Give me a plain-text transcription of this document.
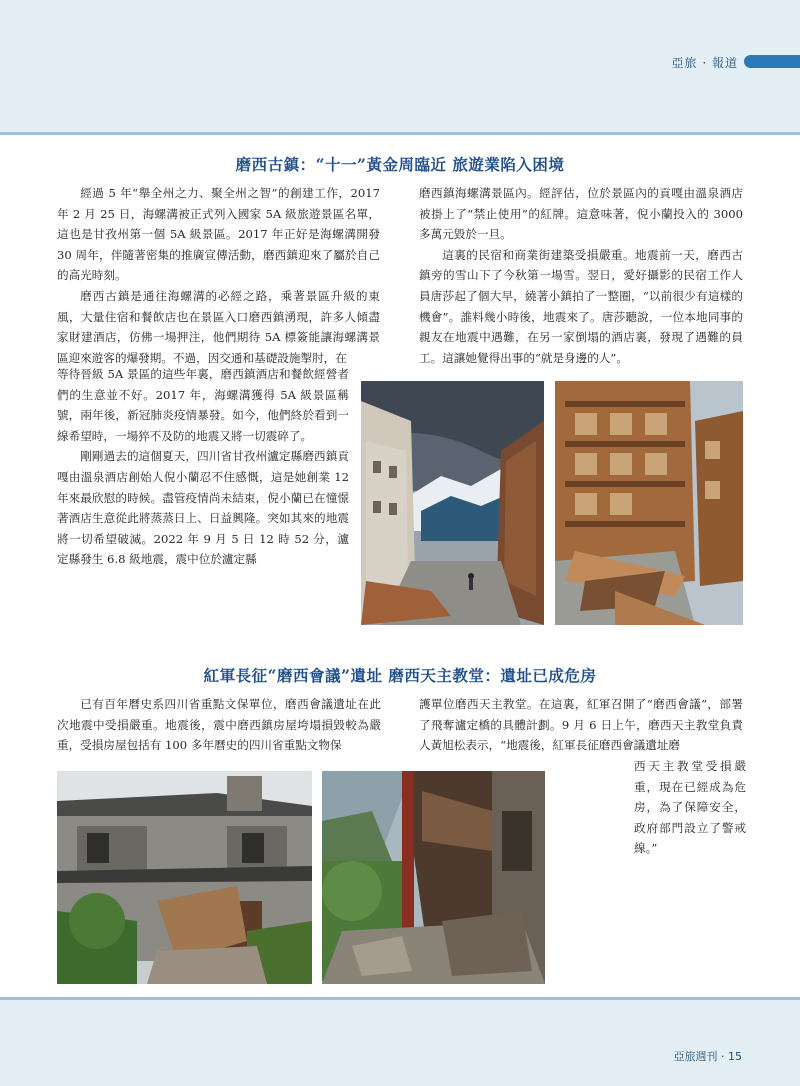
亞旅 · 報道
磨西古鎮：“十一”黃金周臨近 旅遊業陷入困境

經過 5 年“舉全州之力、聚全州之智”的創建工作，2017 年 2 月 25 日，海螺溝被正式列入國家 5A 級旅遊景區名單，這也是甘孜州第一個 5A 級景區。2017 年正好是海螺溝開發 30 周年，伴隨著密集的推廣宣傳活動，磨西鎮迎來了屬於自己的高光時刻。

磨西古鎮是通往海螺溝的必經之路，乘著景區升級的東風，大量住宿和餐飲店也在景區入口磨西鎮湧現，許多人傾盡家財建酒店，仿佛一場押注，他們期待 5A 標簽能讓海螺溝景區迎來遊客的爆發期。不過，因交通和基礎設施掣肘，在

等待晉級 5A 景區的這些年裏，磨西鎮酒店和餐飲經營者們的生意並不好。2017 年，海螺溝獲得 5A 級景區稱號，兩年後，新冠肺炎疫情暴發。如今，他們終於看到一線希望時，一場猝不及防的地震又將一切震碎了。

剛剛過去的這個夏天，四川省甘孜州瀘定縣磨西鎮貢嘎由溫泉酒店創始人倪小蘭忍不住感慨，這是她創業 12 年來最欣慰的時候。盡管疫情尚未結束，倪小蘭已在憧憬著酒店生意從此將蒸蒸日上、日益興隆。突如其來的地震將一切希望破滅。2022 年 9 月 5 日 12 時 52 分，瀘定縣發生 6.8 級地震，震中位於瀘定縣

磨西鎮海螺溝景區內。經評估，位於景區內的貢嘎由溫泉酒店被掛上了“禁止使用”的紅牌。這意味著，倪小蘭投入的 3000 多萬元毀於一旦。

這裏的民宿和商業街建築受損嚴重。地震前一天，磨西古鎮旁的雪山下了今秋第一場雪。翌日，愛好攝影的民宿工作人員唐莎起了個大早，繞著小鎮拍了一整圈，“以前很少有這樣的機會”。誰料幾小時後，地震來了。唐莎聽說，一位本地同事的親友在地震中遇難，在另一家倒塌的酒店裏，發現了遇難的員工。這讓她覺得出事的“就是身邊的人”。

紅軍長征“磨西會議”遺址 磨西天主教堂：遺址已成危房

已有百年曆史系四川省重點文保單位，磨西會議遺址在此次地震中受損嚴重。地震後，震中磨西鎮房屋垮塌損毀較為嚴重，受損房屋包括有 100 多年曆史的四川省重點文物保

護單位磨西天主教堂。在這裏，紅軍召開了“磨西會議”，部署了飛奪瀘定橋的具體計劃。9 月 6 日上午，磨西天主教堂負責人黃旭松表示，“地震後，紅軍長征磨西會議遺址磨

西天主教堂受損嚴重，現在已經成為危房，為了保障安全，政府部門設立了警戒線。”

亞旅週刊 · 15
